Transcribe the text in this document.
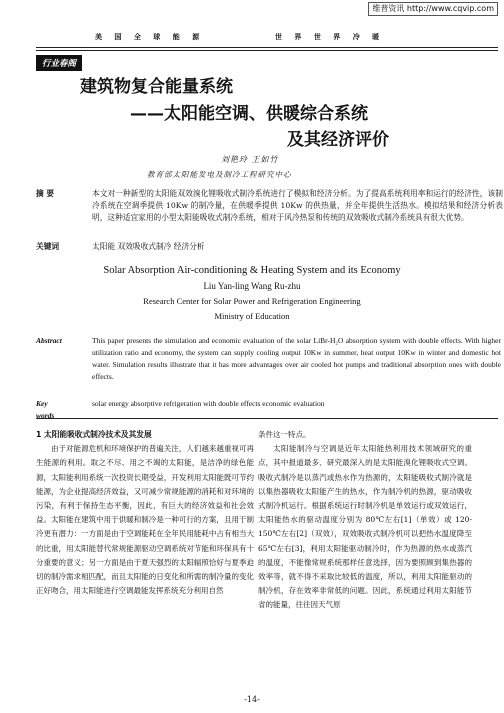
维普资讯 http://www.cqvip.com
美 国 全 球 能 源	世 界 世 界 冷 暖
行业春阁
建筑物复合能量系统
——太阳能空调、供暖综合系统
及其经济评价
刘艳玲 王如竹
教育部太阳能发电及制冷工程研究中心
摘 要	本文对一种新型的太阳能双效溴化锂吸收式制冷系统进行了模拟和经济分析。为了提高系统利用率和运行的经济性，该制冷系统在空调季提供 10Kw 的制冷量，在供暖季提供 10Kw 的供热量，并全年提供生活热水。模拟结果和经济分析表明，这种适宜家用的小型太阳能吸收式制冷系统，相对于风冷热泵和传统的双效吸收式制冷系统具有很大优势。
关键词	太阳能 双效吸收式制冷 经济分析
Solar Absorption Air-conditioning & Heating System and its Economy
Liu Yan-ling Wang Ru-zhu
Research Center for Solar Power and Refrigeration Engineering
Ministry of Education
Abstract	This paper presents the simulation and economic evaluation of the solar LiBr-H₂O absorption system with double effects. With higher utilization ratio and economy, the system can supply cooling output 10Kw in summer, heat output 10Kw in winter and domestic hot water. Simulation results illustrate that it has more advantages over air cooled hot pumps and traditional absorption ones with double effects.
Key words
solar energy absorptive refrigeration with double effects economic evaluation
1 太阳能吸收式制冷技术及其发展

由于对能源危机和环境保护的普遍关注，人们越来越重视可再生能源的利用。取之不尽、用之不竭的太阳能，是洁净的绿色能源，太阳能利用系统一次投资长期受益，开发利用太阳能既可节约能源，为企业提高经济效益，又可减少常规能源的消耗和对环境的污染，有利于保持生态平衡，因此，有巨大的经济效益和社会效益。太阳能在建筑中用于供暖和制冷是一种可行的方案，且用于制冷更有潜力：一方面是由于空调能耗在全年民用能耗中占有相当大的比重，用太阳能替代常规能源驱动空调系统对节能和环保具有十分重要的意义；另一方面是由于夏天强烈的太阳辐照恰好与夏季迫切的制冷需求相匹配，而且太阳能的日变化和所需的制冷量的变化正好吻合，用太阳能进行空调最能发挥系统充分利用自然

条件这一特点。

太阳能制冷与空调是近年太阳能热利用技术领域研究的重点，其中报道最多、研究最深入的是太阳能溴化锂吸收式空调。吸收式制冷是以蒸汽或热水作为热源的，太阳能吸收式制冷就是以集热器吸收太阳能产生的热水，作为制冷机的热源，驱动吸收式制冷机运行。根据系统运行时制冷机是单效运行或双效运行，太阳能热水的驱动温度分别为 80℃左右[1]（单效）或 120-150℃左右[2]（双效），双效吸收式制冷机可以把热水温度降至 65℃左右[3]，利用太阳能驱动制冷时，作为热源的热水或蒸汽的温度，不能像常规系统那样任意选择，因为要照顾到集热器的效率等，就不得不采取比较低的温度，所以，利用太阳能驱动的制冷机，存在效率非常低的问题。因此，系统通过利用太阳能节省的能量，往往因天气原

-14-
